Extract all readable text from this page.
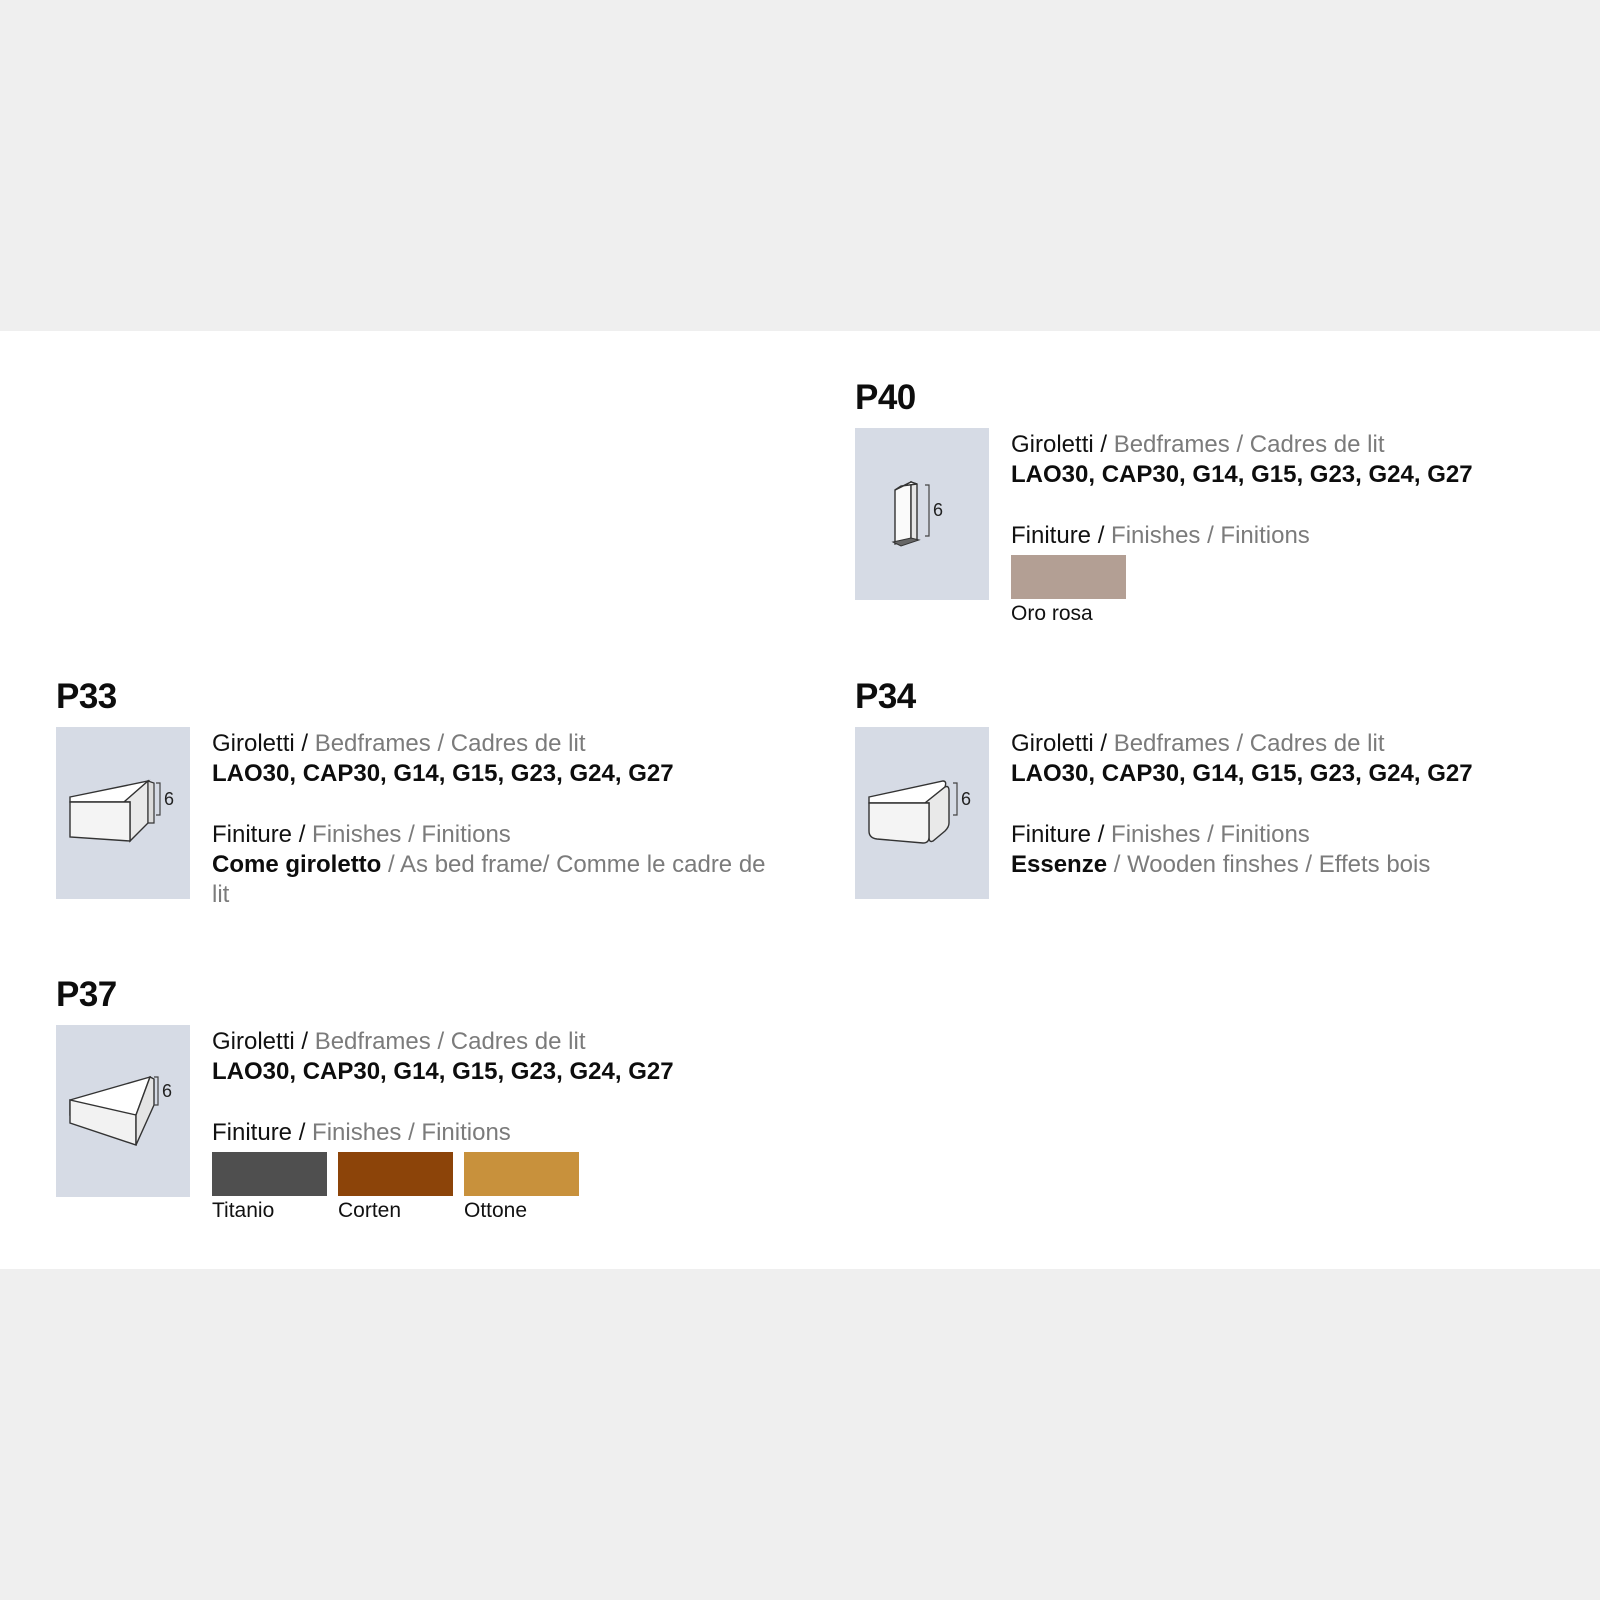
P40
6
Giroletti / Bedframes / Cadres de lit
LAO30, CAP30, G14, G15, G23, G24, G27
Finiture / Finishes / Finitions
Oro rosa
P33
6
Giroletti / Bedframes / Cadres de lit
LAO30, CAP30, G14, G15, G23, G24, G27
Finiture / Finishes / Finitions
Come giroletto / As bed frame/ Comme le cadre de lit
P34
6
Giroletti / Bedframes / Cadres de lit
LAO30, CAP30, G14, G15, G23, G24, G27
Finiture / Finishes / Finitions
Essenze / Wooden finshes / Effets bois
P37
6
Giroletti / Bedframes / Cadres de lit
LAO30, CAP30, G14, G15, G23, G24, G27
Finiture / Finishes / Finitions
Titanio	Corten	Ottone
